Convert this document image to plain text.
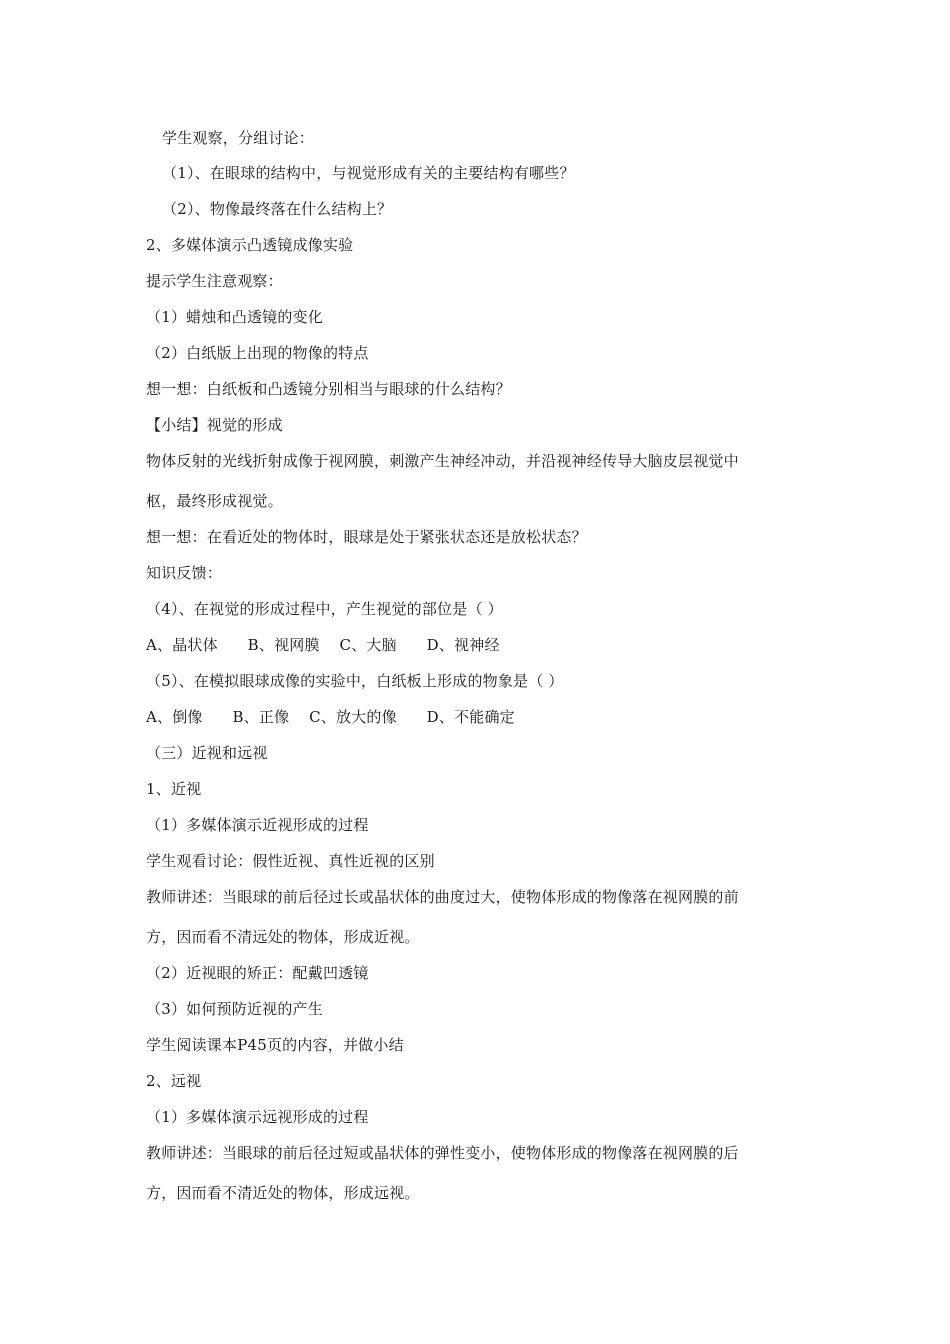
学生观察，分组讨论：
（1）、在眼球的结构中，与视觉形成有关的主要结构有哪些？
（2）、物像最终落在什么结构上？
2、多媒体演示凸透镜成像实验
提示学生注意观察：
（1）蜡烛和凸透镜的变化
（2）白纸版上出现的物像的特点
想一想：白纸板和凸透镜分别相当与眼球的什么结构？
【小结】视觉的形成
物体反射的光线折射成像于视网膜，刺激产生神经冲动，并沿视神经传导大脑皮层视觉中
枢，最终形成视觉。
想一想：在看近处的物体时，眼球是处于紧张状态还是放松状态？
知识反馈：
（4）、在视觉的形成过程中，产生视觉的部位是（ ）
A、晶状体      B、视网膜    C、大脑      D、视神经
（5）、在模拟眼球成像的实验中，白纸板上形成的物象是（ ）
A、倒像      B、正像    C、放大的像      D、不能确定
（三）近视和远视
1、近视
（1）多媒体演示近视形成的过程
学生观看讨论：假性近视、真性近视的区别
教师讲述：当眼球的前后径过长或晶状体的曲度过大，使物体形成的物像落在视网膜的前
方，因而看不清远处的物体，形成近视。
（2）近视眼的矫正：配戴凹透镜
（3）如何预防近视的产生
学生阅读课本P45页的内容，并做小结
2、远视
（1）多媒体演示远视形成的过程
教师讲述：当眼球的前后径过短或晶状体的弹性变小，使物体形成的物像落在视网膜的后
方，因而看不清近处的物体，形成远视。
